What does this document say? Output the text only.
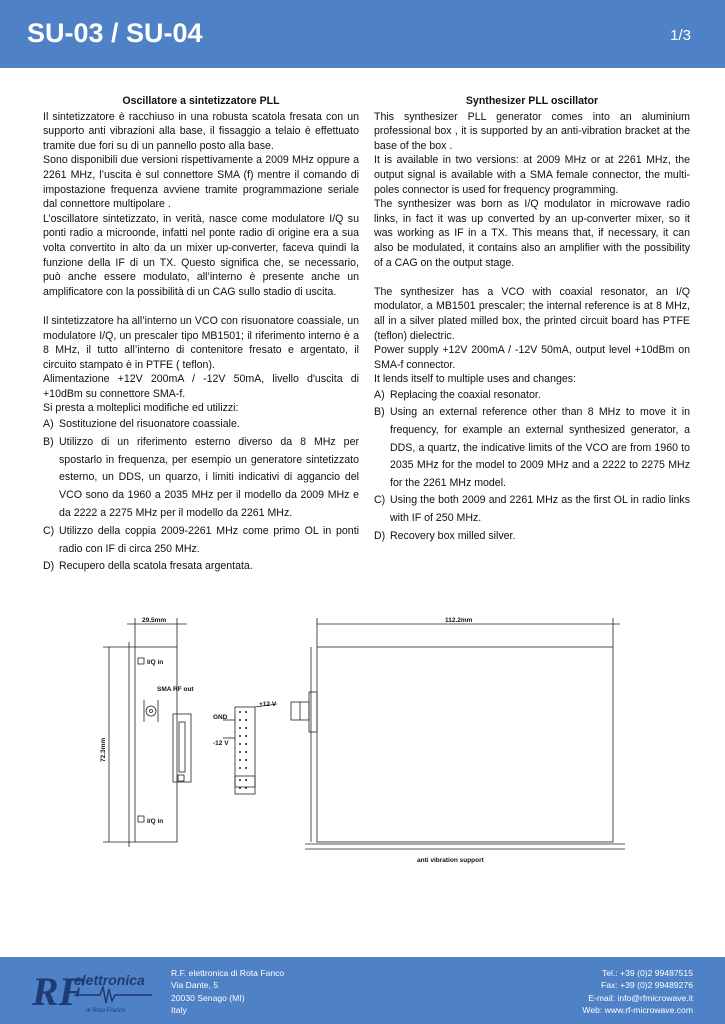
SU-03 / SU-04	1/3
Oscillatore a sintetizzatore PLL

Il sintetizzatore è racchiuso in una robusta scatola fresata con un supporto anti vibrazioni alla base, il fissaggio a telaio è effettuato tramite due fori su di un pannello posto alla base.

Sono disponibili due versioni rispettivamente a 2009 MHz oppure a 2261 MHz, l’uscita è sul connettore SMA (f) mentre il comando di impostazione frequenza avviene tramite programmazione seriale dal connettore multipolare .

L’oscillatore sintetizzato, in verità, nasce come modulatore I/Q su ponti radio a microonde, infatti nel ponte radio di origine era a sua volta convertito in alto da un mixer up-converter, faceva quindi la funzione della IF di un TX. Questo significa che, se necessario, può anche essere modulato, all’interno è presente anche un amplificatore con la possibilità di un CAG sullo stadio di uscita.

Il sintetizzatore ha all’interno un VCO con risuonatore coassiale, un modulatore I/Q, un prescaler tipo MB1501; il riferimento interno è a 8 MHz, il tutto all’interno di contenitore fresato e argentato, il circuito stampato è in PTFE ( teflon).

Alimentazione +12V 200mA / -12V 50mA, livello d'uscita di +10dBm su connettore SMA-f.

Si presta a molteplici modifiche ed utilizzi:

A) Sostituzione del risuonatore coassiale.
B) Utilizzo di un riferimento esterno diverso da 8 MHz per spostarlo in frequenza, per esempio un generatore sintetizzato esterno, un DDS, un quarzo, i limiti indicativi di aggancio del VCO sono da 1960 a 2035 MHz per il modello da 2009 MHz e da 2222 a 2275 MHz per il modello da 2261 MHz.
C) Utilizzo della coppia 2009-2261 MHz come primo OL in ponti radio con IF di circa 250 MHz.
D) Recupero della scatola fresata argentata.
Synthesizer PLL oscillator

This synthesizer PLL generator comes into an aluminium professional box , it is supported by an anti-vibration bracket at the base of the box .

It is available in two versions: at 2009 MHz or at 2261 MHz, the output signal is available with a SMA female connector, the multi-poles connector is used for frequency programming.

The synthesizer was born as I/Q modulator in microwave radio links, in fact it was up converted by an up-converter mixer, so it was working as IF in a TX. This means that, if necessary, it can also be modulated, it contains also an amplifier with the possibility of a CAG on the output stage.

The synthesizer has a VCO with coaxial resonator, an I/Q modulator, a MB1501 prescaler; the internal reference is at 8 MHz, all in a silver plated milled box, the printed circuit board has PTFE (teflon) dielectric.

Power supply +12V 200mA / -12V 50mA, output level +10dBm on SMA-f connector.

It lends itself to multiple uses and changes:

A) Replacing the coaxial resonator.
B) Using an external reference other than 8 MHz to move it in frequency, for example an external synthesized generator, a DDS, a quartz, the indicative limits of the VCO are from 1960 to 2035 MHz for the model to 2009 MHz and a 2222 to 2275 MHz for the 2261 MHz model.
C) Using the both 2009 and 2261 MHz as the first OL in radio links with IF of 250 MHz.
D) Recovery box milled silver.
29.5mm	112.2mm
72.3mm
I/Q in
SMA RF out
I/Q in
+12 V
GND
-12 V
anti vibration support
RF
elettronica
di Rota Franco
R.F. elettronica di Rota Fanco
Via Dante, 5
20030 Senago (MI)
Italy
Tel.: +39 (0)2 99487515
Fax: +39 (0)2 99489276
E-mail: info@rfmicrowave.it
Web: www.rf-microwave.com
